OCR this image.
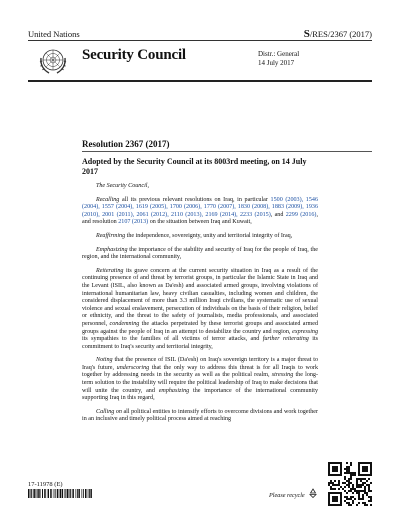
United Nations	S/RES/2367 (2017)
Security Council	Distr.: General
14 July 2017
Resolution 2367 (2017)
Adopted by the Security Council at its 8003rd meeting, on 14 July 2017

The Security Council,

Recalling all its previous relevant resolutions on Iraq, in particular 1500 (2003), 1546 (2004), 1557 (2004), 1619 (2005), 1700 (2006), 1770 (2007), 1830 (2008), 1883 (2009), 1936 (2010), 2001 (2011), 2061 (2012), 2110 (2013), 2169 (2014), 2233 (2015), and 2299 (2016), and resolution 2107 (2013) on the situation between Iraq and Kuwait,

Reaffirming the independence, sovereignty, unity and territorial integrity of Iraq,

Emphasizing the importance of the stability and security of Iraq for the people of Iraq, the region, and the international community,

Reiterating its grave concern at the current security situation in Iraq as a result of the continuing presence of and threat by terrorist groups, in particular the Islamic State in Iraq and the Levant (ISIL, also known as Da'esh) and associated armed groups, involving violations of international humanitarian law, heavy civilian casualties, including women and children, the considered displacement of more than 3.3 million Iraqi civilians, the systematic use of sexual violence and sexual enslavement, persecution of individuals on the basis of their religion, belief or ethnicity, and the threat to the safety of journalists, media professionals, and associated personnel, condemning the attacks perpetrated by these terrorist groups and associated armed groups against the people of Iraq in an attempt to destabilize the country and region, expressing its sympathies to the families of all victims of terror attacks, and further reiterating its commitment to Iraq's security and territorial integrity,

Noting that the presence of ISIL (Da'esh) on Iraq's sovereign territory is a major threat to Iraq's future, underscoring that the only way to address this threat is for all Iraqis to work together by addressing needs in the security as well as the political realm, stressing the long-term solution to the instability will require the political leadership of Iraq to make decisions that will unite the country, and emphasizing the importance of the international community supporting Iraq in this regard,

Calling on all political entities to intensify efforts to overcome divisions and work together in an inclusive and timely political process aimed at reaching

17-11978 (E)
Please recycle
